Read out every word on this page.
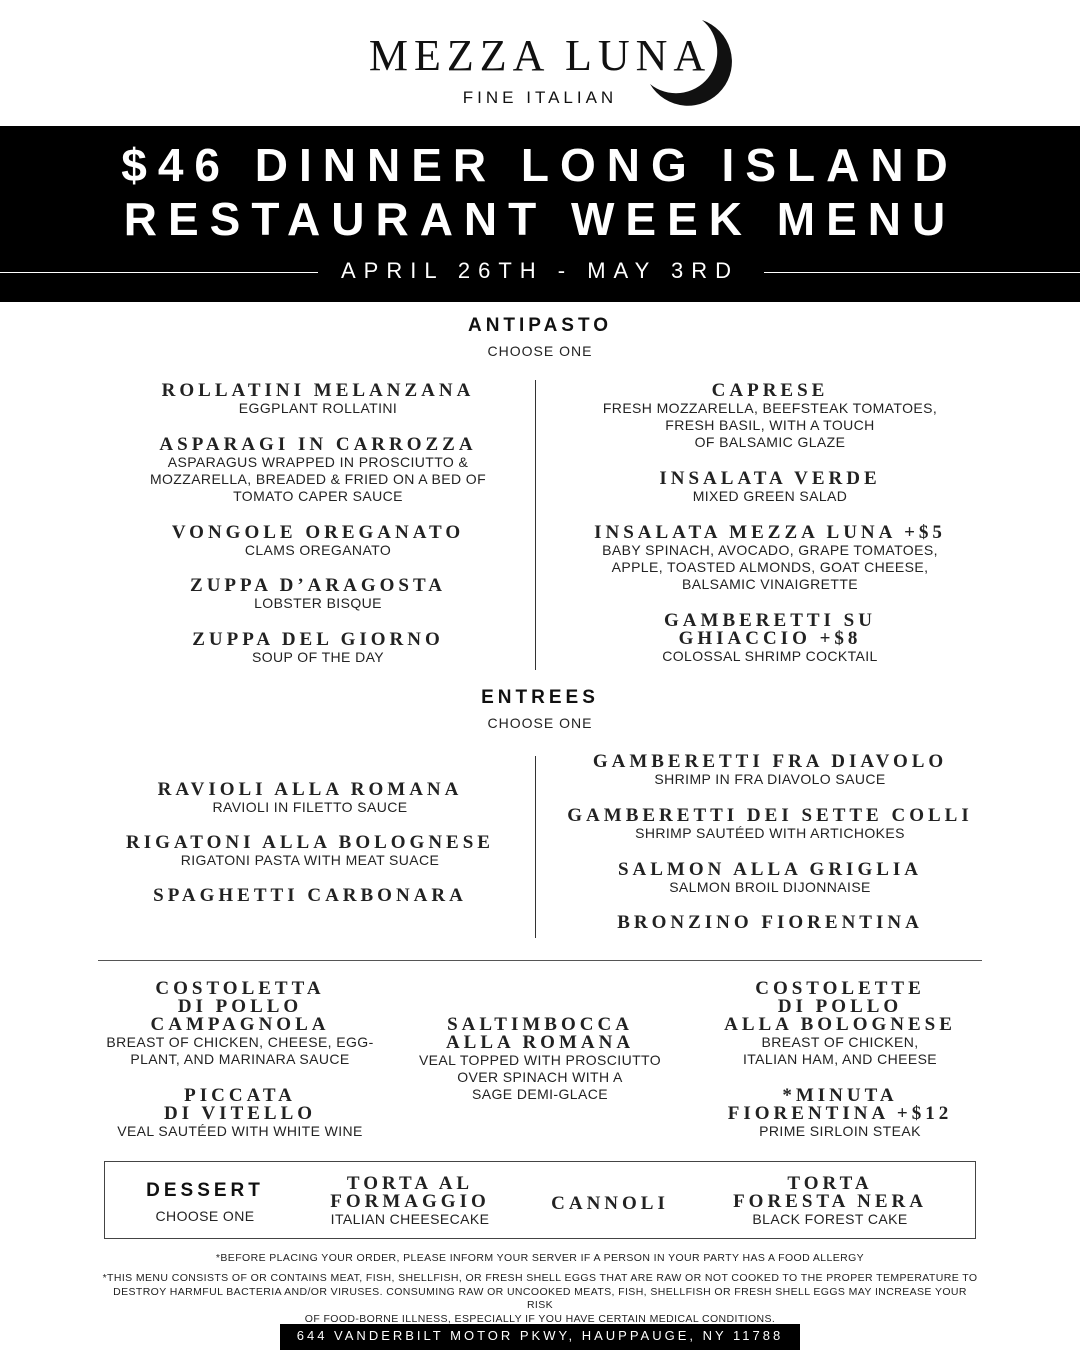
MEZZA LUNA
FINE ITALIAN
$46 DINNER LONG ISLAND
RESTAURANT WEEK MENU
APRIL 26TH - MAY 3RD
ANTIPASTO
CHOOSE ONE
ROLLATINI MELANZANA
EGGPLANT ROLLATINI
ASPARAGI IN CARROZZA
ASPARAGUS WRAPPED IN PROSCIUTTO &
MOZZARELLA, BREADED & FRIED ON A BED OF
TOMATO CAPER SAUCE
VONGOLE OREGANATO
CLAMS OREGANATO
ZUPPA D’ARAGOSTA
LOBSTER BISQUE
ZUPPA DEL GIORNO
SOUP OF THE DAY
CAPRESE
FRESH MOZZARELLA, BEEFSTEAK TOMATOES,
FRESH BASIL, WITH A TOUCH
OF BALSAMIC GLAZE
INSALATA VERDE
MIXED GREEN SALAD
INSALATA MEZZA LUNA +$5
BABY SPINACH, AVOCADO, GRAPE TOMATOES,
APPLE, TOASTED ALMONDS, GOAT CHEESE,
BALSAMIC VINAIGRETTE
GAMBERETTI SU
GHIACCIO +$8
COLOSSAL SHRIMP COCKTAIL
ENTREES
CHOOSE ONE
RAVIOLI ALLA ROMANA
RAVIOLI IN FILETTO SAUCE
RIGATONI ALLA BOLOGNESE
RIGATONI PASTA WITH MEAT SUACE
SPAGHETTI CARBONARA
GAMBERETTI FRA DIAVOLO
SHRIMP IN FRA DIAVOLO SAUCE
GAMBERETTI DEI SETTE COLLI
SHRIMP SAUTÉED WITH ARTICHOKES
SALMON ALLA GRIGLIA
SALMON BROIL DIJONNAISE
BRONZINO FIORENTINA
COSTOLETTA
DI POLLO
CAMPAGNOLA
BREAST OF CHICKEN, CHEESE, EGG-
PLANT, AND MARINARA SAUCE
PICCATA
DI VITELLO
VEAL SAUTÉED WITH WHITE WINE
SALTIMBOCCA
ALLA ROMANA
VEAL TOPPED WITH PROSCIUTTO
OVER SPINACH WITH A
SAGE DEMI-GLACE
COSTOLETTE
DI POLLO
ALLA BOLOGNESE
BREAST OF CHICKEN,
ITALIAN HAM, AND CHEESE
*MINUTA
FIORENTINA +$12
PRIME SIRLOIN STEAK
DESSERT
CHOOSE ONE
TORTA AL
FORMAGGIO
ITALIAN CHEESECAKE
CANNOLI
TORTA
FORESTA NERA
BLACK FOREST CAKE
*BEFORE PLACING YOUR ORDER, PLEASE INFORM YOUR SERVER IF A PERSON IN YOUR PARTY HAS A FOOD ALLERGY
*THIS MENU CONSISTS OF OR CONTAINS MEAT, FISH, SHELLFISH, OR FRESH SHELL EGGS THAT ARE RAW OR NOT COOKED TO THE PROPER TEMPERATURE TO
DESTROY HARMFUL BACTERIA AND/OR VIRUSES. CONSUMING RAW OR UNCOOKED MEATS, FISH, SHELLFISH OR FRESH SHELL EGGS MAY INCREASE YOUR RISK
OF FOOD-BORNE ILLNESS, ESPECIALLY IF YOU HAVE CERTAIN MEDICAL CONDITIONS.
644 VANDERBILT MOTOR PKWY, HAUPPAUGE, NY 11788
